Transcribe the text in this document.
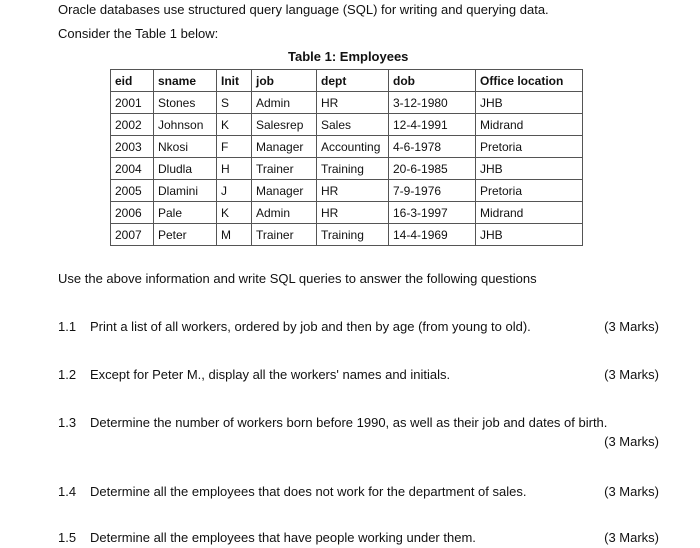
Oracle databases use structured query language (SQL) for writing and querying data.
Consider the Table 1 below:
Table 1: Employees
eid	sname	Init	job	dept	dob	Office location
2001	Stones	S	Admin	HR	3-12-1980	JHB
2002	Johnson	K	Salesrep	Sales	12-4-1991	Midrand
2003	Nkosi	F	Manager	Accounting	4-6-1978	Pretoria
2004	Dludla	H	Trainer	Training	20-6-1985	JHB
2005	Dlamini	J	Manager	HR	7-9-1976	Pretoria
2006	Pale	K	Admin	HR	16-3-1997	Midrand
2007	Peter	M	Trainer	Training	14-4-1969	JHB
Use the above information and write SQL queries to answer the following questions
1.1 Print a list of all workers, ordered by job and then by age (from young to old).	(3 Marks)
1.2 Except for Peter M., display all the workers' names and initials.	(3 Marks)
1.3 Determine the number of workers born before 1990, as well as their job and dates of birth.
(3 Marks)
1.4 Determine all the employees that does not work for the department of sales.	(3 Marks)
1.5 Determine all the employees that have people working under them.	(3 Marks)
